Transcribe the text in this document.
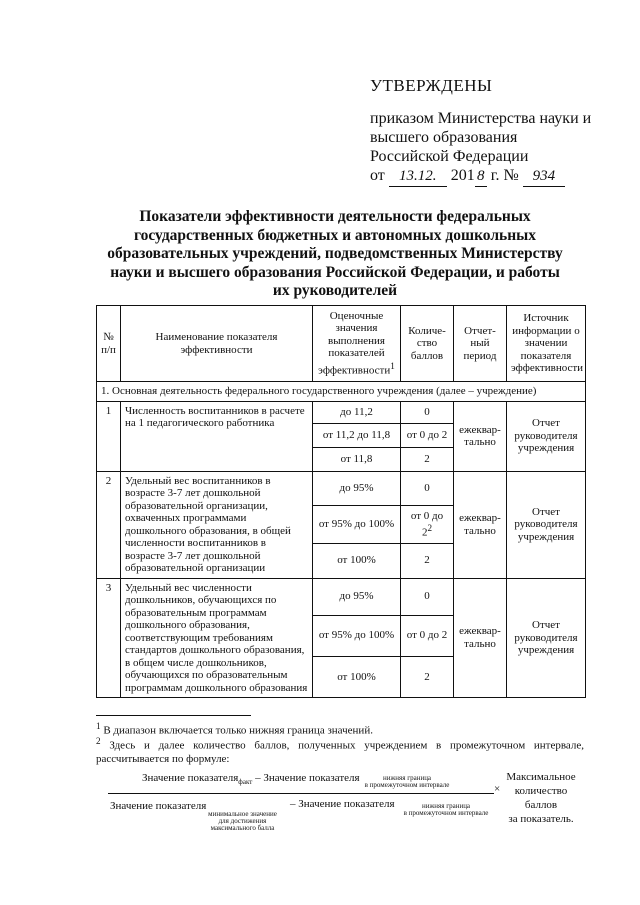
УТВЕРЖДЕНЫ
приказом Министерства науки и
высшего образования
Российской Федерации
от 13.12. 201 8 г. № 934
Показатели эффективности деятельности федеральных
государственных бюджетных и автономных дошкольных
образовательных учреждений, подведомственных Министерству
науки и высшего образования Российской Федерации, и работы
их руководителей
№ п/п	Наименование показателя эффективности	Оценочные значения выполнения показателей эффективности$^1$	Количе-ство баллов	Отчет-ный период	Источник информации о значении показателя эффективности
1. Основная деятельность федерального государственного учреждения (далее – учреждение)					
1	Численность воспитанников в расчете на 1 педагогического работника	до 11,2	0	ежеквар-тально	Отчет руководителя учреждения
		от 11,2 до 11,8	от 0 до 2		
		от 11,8	2		
2	Удельный вес воспитанников в возрасте 3-7 лет дошкольной образовательной организации, охваченных программами дошкольного образования, в общей численности воспитанников в возрасте 3-7 лет дошкольной образовательной организации	до 95%	0	ежеквар-тально	Отчет руководителя учреждения
		от 95% до 100%	от 0 до $2^2$
		от 100%	2		
3	Удельный вес численности дошкольников, обучающихся по образовательным программам дошкольного образования, соответствующим требованиям стандартов дошкольного образования, в общем числе дошкольников, обучающихся по образовательным программам дошкольного образования	до 95%	0	ежеквар-тально	Отчет руководителя учреждения
		от 95% до 100%	от 0 до 2		
		от 100%	2		
$^1$ В диапазон включается только нижняя граница значений.
$^2$ Здесь и далее количество баллов, полученных учреждением в промежуточном интервале, рассчитывается по формуле:
Значение показателя$_{факт}$ – Значение показателя	нижняя граница
в промежуточном интервале	×
Значение показателя
минимальное значение
для достижения
максимального балла
– Значение показателя	нижняя граница
в промежуточном интервале
Максимальное
количество
баллов
за показатель.
